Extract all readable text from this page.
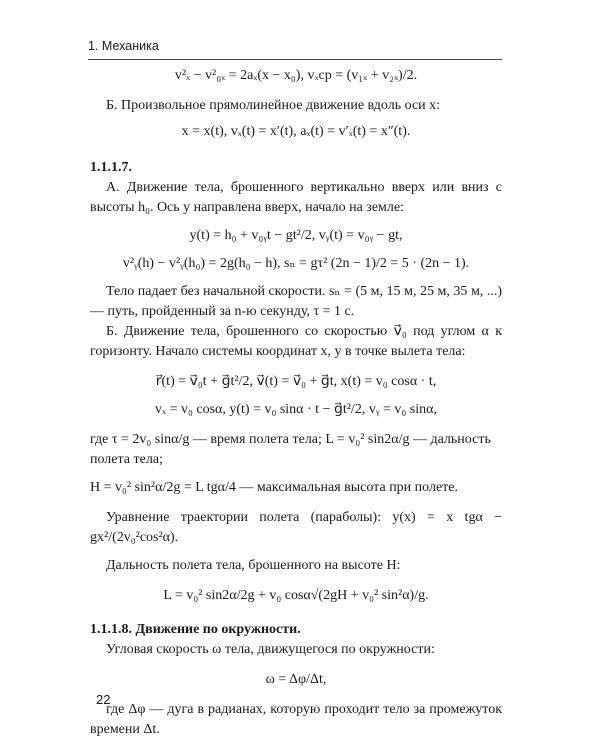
1. Механика

v²ₓ − v²₀ₓ = 2aₓ(x − x₀), vₓср = (v₁ₓ + v₂ₓ)/2.

Б. Произвольное прямолинейное движение вдоль оси x:

x = x(t), vₓ(t) = x′(t), aₓ(t) = v′ₓ(t) = x″(t).

1.1.1.7.

А. Движение тела, брошенного вертикально вверх или вниз с высоты h₀. Ось y направлена вверх, начало на земле:

y(t) = h₀ + v₀ᵧt − gt²/2, vᵧ(t) = v₀ᵧ − gt,

v²ᵧ(h) − v²ᵧ(h₀) = 2g(h₀ − h), sₙ = gτ² (2n − 1)/2 = 5 · (2n − 1).

Тело падает без начальной скорости. sₙ = (5 м, 15 м, 25 м, 35 м, ...) — путь, пройденный за n-ю секунду, τ = 1 с.

Б. Движение тела, брошенного со скоростью v⃗₀ под углом α к горизонту. Начало системы координат x, y в точке вылета тела:

r⃗(t) = v⃗₀t + g⃗t²/2, v⃗(t) = v⃗₀ + g⃗t, x(t) = v₀ cosα · t,

vₓ = v₀ cosα, y(t) = v₀ sinα · t − g⃗t²/2, vᵧ = v₀ sinα,

где τ = 2v₀ sinα/g — время полета тела; L = v₀² sin2α/g — дальность полета тела;

H = v₀² sin²α/2g = L tgα/4 — максимальная высота при полете.

Уравнение траектории полета (параболы): y(x) = x tgα − gx²/(2v₀²cos²α).

Дальность полета тела, брошенного на высоте H:

L = v₀² sin2α/2g + v₀ cosα√(2gH + v₀² sin²α)/g.

1.1.1.8. Движение по окружности.

Угловая скорость ω тела, движущегося по окружности:

ω = Δφ/Δt,

где Δφ — дуга в радианах, которую проходит тело за промежуток времени Δt.

22
